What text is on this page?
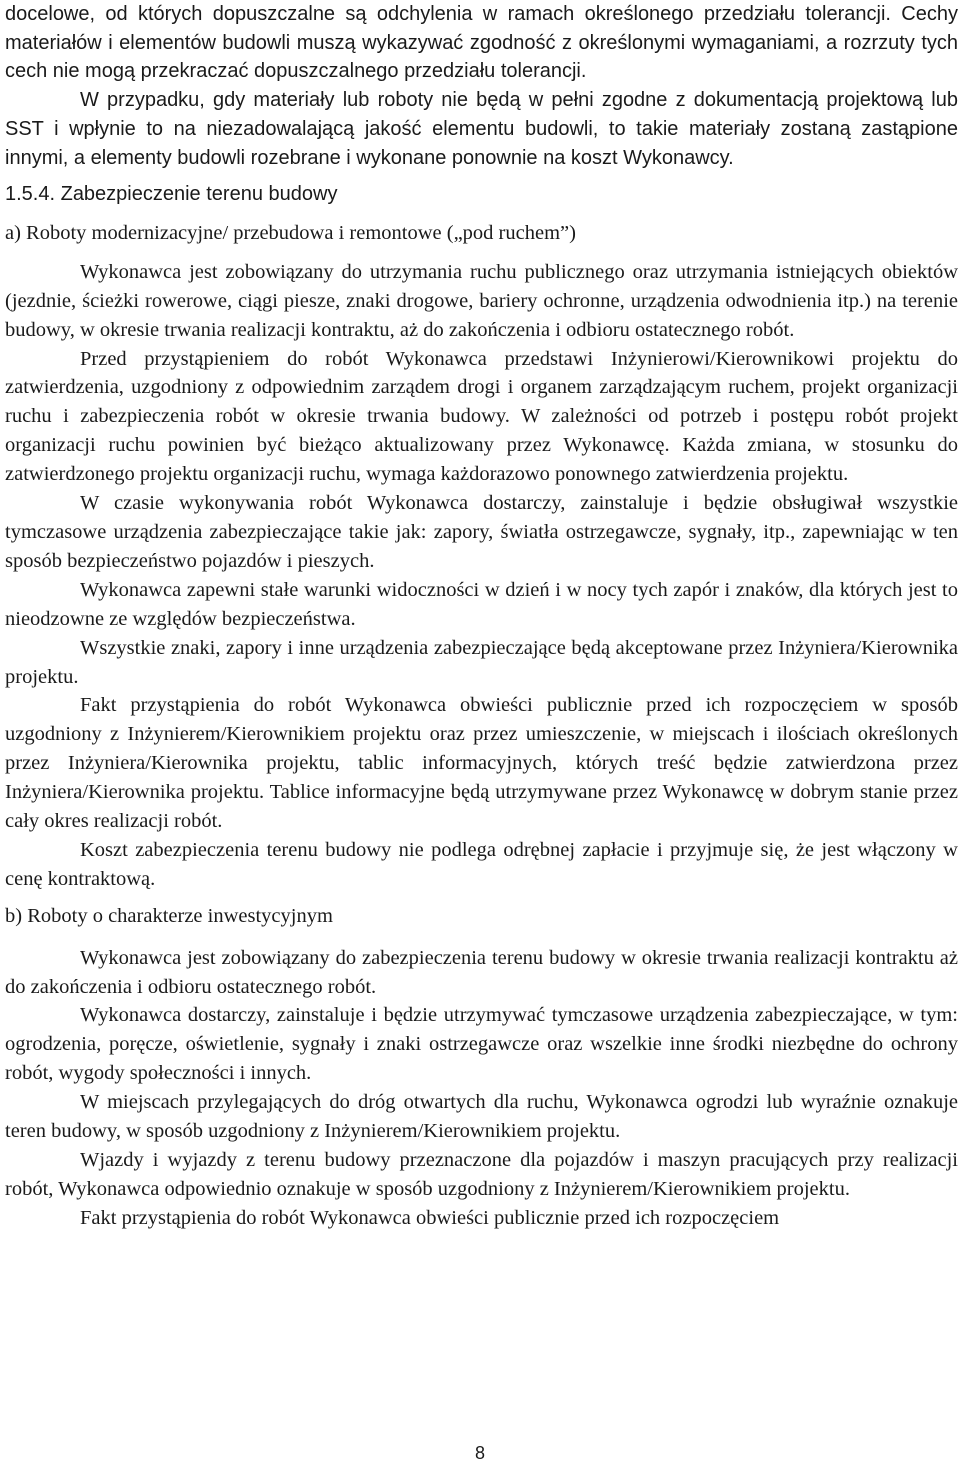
docelowe, od których dopuszczalne są odchylenia w ramach określonego przedziału tolerancji. Cechy materiałów i elementów budowli muszą wykazywać zgodność z określonymi wymaganiami, a rozrzuty tych cech nie mogą przekraczać dopuszczalnego przedziału tolerancji.

W przypadku, gdy materiały lub roboty nie będą w pełni zgodne z dokumentacją projektową lub SST i wpłynie to na niezadowalającą jakość elementu budowli, to takie materiały zostaną zastąpione innymi, a elementy budowli rozebrane i wykonane ponownie na koszt Wykonawcy.

1.5.4. Zabezpieczenie terenu budowy

a) Roboty modernizacyjne/ przebudowa i remontowe („pod ruchem”)

Wykonawca jest zobowiązany do utrzymania ruchu publicznego oraz utrzymania istniejących obiektów (jezdnie, ścieżki rowerowe, ciągi piesze, znaki drogowe, bariery ochronne, urządzenia odwodnienia itp.) na terenie budowy, w okresie trwania realizacji kontraktu, aż do zakończenia i odbioru ostatecznego robót.

Przed przystąpieniem do robót Wykonawca przedstawi Inżynierowi/Kierownikowi projektu do zatwierdzenia, uzgodniony z odpowiednim zarządem drogi i organem zarządzającym ruchem, projekt organizacji ruchu i zabezpieczenia robót w okresie trwania budowy. W zależności od potrzeb i postępu robót projekt organizacji ruchu powinien być bieżąco aktualizowany przez Wykonawcę. Każda zmiana, w stosunku do zatwierdzonego projektu organizacji ruchu, wymaga każdorazowo ponownego zatwierdzenia projektu.

W czasie wykonywania robót Wykonawca dostarczy, zainstaluje i będzie obsługiwał wszystkie tymczasowe urządzenia zabezpieczające takie jak: zapory, światła ostrzegawcze, sygnały, itp., zapewniając w ten sposób bezpieczeństwo pojazdów i pieszych.

Wykonawca zapewni stałe warunki widoczności w dzień i w nocy tych zapór i znaków, dla których jest to nieodzowne ze względów bezpieczeństwa.

Wszystkie znaki, zapory i inne urządzenia zabezpieczające będą akceptowane przez Inżyniera/Kierownika projektu.

Fakt przystąpienia do robót Wykonawca obwieści publicznie przed ich rozpoczęciem w sposób uzgodniony z Inżynierem/Kierownikiem projektu oraz przez umieszczenie, w miejscach i ilościach określonych przez Inżyniera/Kierownika projektu, tablic informacyjnych, których treść będzie zatwierdzona przez Inżyniera/Kierownika projektu. Tablice informacyjne będą utrzymywane przez Wykonawcę w dobrym stanie przez cały okres realizacji robót.

Koszt zabezpieczenia terenu budowy nie podlega odrębnej zapłacie i przyjmuje się, że jest włączony w cenę kontraktową.

b) Roboty o charakterze inwestycyjnym

Wykonawca jest zobowiązany do zabezpieczenia terenu budowy w okresie trwania realizacji kontraktu aż do zakończenia i odbioru ostatecznego robót.

Wykonawca dostarczy, zainstaluje i będzie utrzymywać tymczasowe urządzenia zabezpieczające, w tym: ogrodzenia, poręcze, oświetlenie, sygnały i znaki ostrzegawcze oraz wszelkie inne środki niezbędne do ochrony robót, wygody społeczności i innych.

W miejscach przylegających do dróg otwartych dla ruchu, Wykonawca ogrodzi lub wyraźnie oznakuje teren budowy, w sposób uzgodniony z Inżynierem/Kierownikiem projektu.

Wjazdy i wyjazdy z terenu budowy przeznaczone dla pojazdów i maszyn pracujących przy realizacji robót, Wykonawca odpowiednio oznakuje w sposób uzgodniony z Inżynierem/Kierownikiem projektu.

Fakt przystąpienia do robót Wykonawca obwieści publicznie przed ich rozpoczęciem

8
